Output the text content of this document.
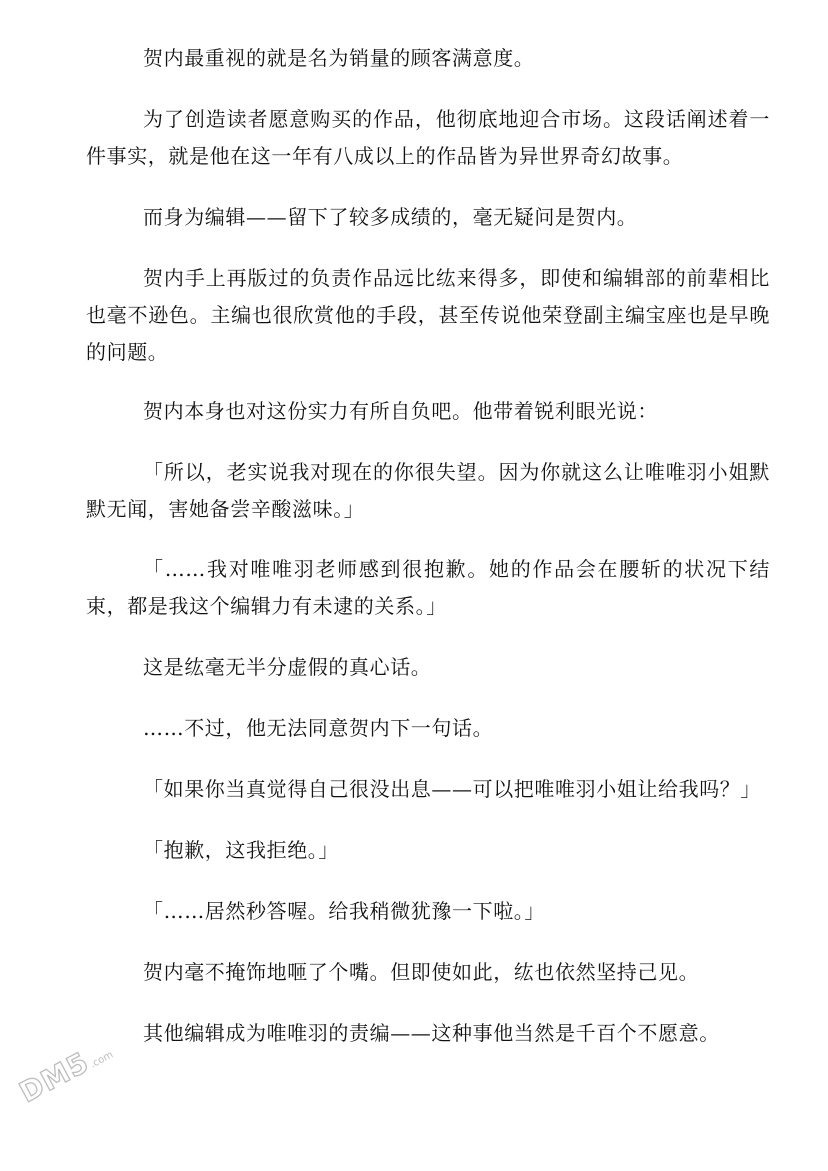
贺内最重视的就是名为销量的顾客满意度。

为了创造读者愿意购买的作品，他彻底地迎合市场。这段话阐述着一件事实，就是他在这一年有八成以上的作品皆为异世界奇幻故事。

而身为编辑——留下了较多成绩的，毫无疑问是贺内。

贺内手上再版过的负责作品远比纮来得多，即使和编辑部的前辈相比也毫不逊色。主编也很欣赏他的手段，甚至传说他荣登副主编宝座也是早晚的问题。

贺内本身也对这份实力有所自负吧。他带着锐利眼光说：

「所以，老实说我对现在的你很失望。因为你就这么让唯唯羽小姐默默无闻，害她备尝辛酸滋味。」

「……我对唯唯羽老师感到很抱歉。她的作品会在腰斩的状况下结束，都是我这个编辑力有未逮的关系。」

这是纮毫无半分虚假的真心话。

……不过，他无法同意贺内下一句话。

「如果你当真觉得自己很没出息——可以把唯唯羽小姐让给我吗？」

「抱歉，这我拒绝。」

「……居然秒答喔。给我稍微犹豫一下啦。」

贺内毫不掩饰地咂了个嘴。但即使如此，纮也依然坚持己见。

其他编辑成为唯唯羽的责编——这种事他当然是千百个不愿意。

DM5.com
